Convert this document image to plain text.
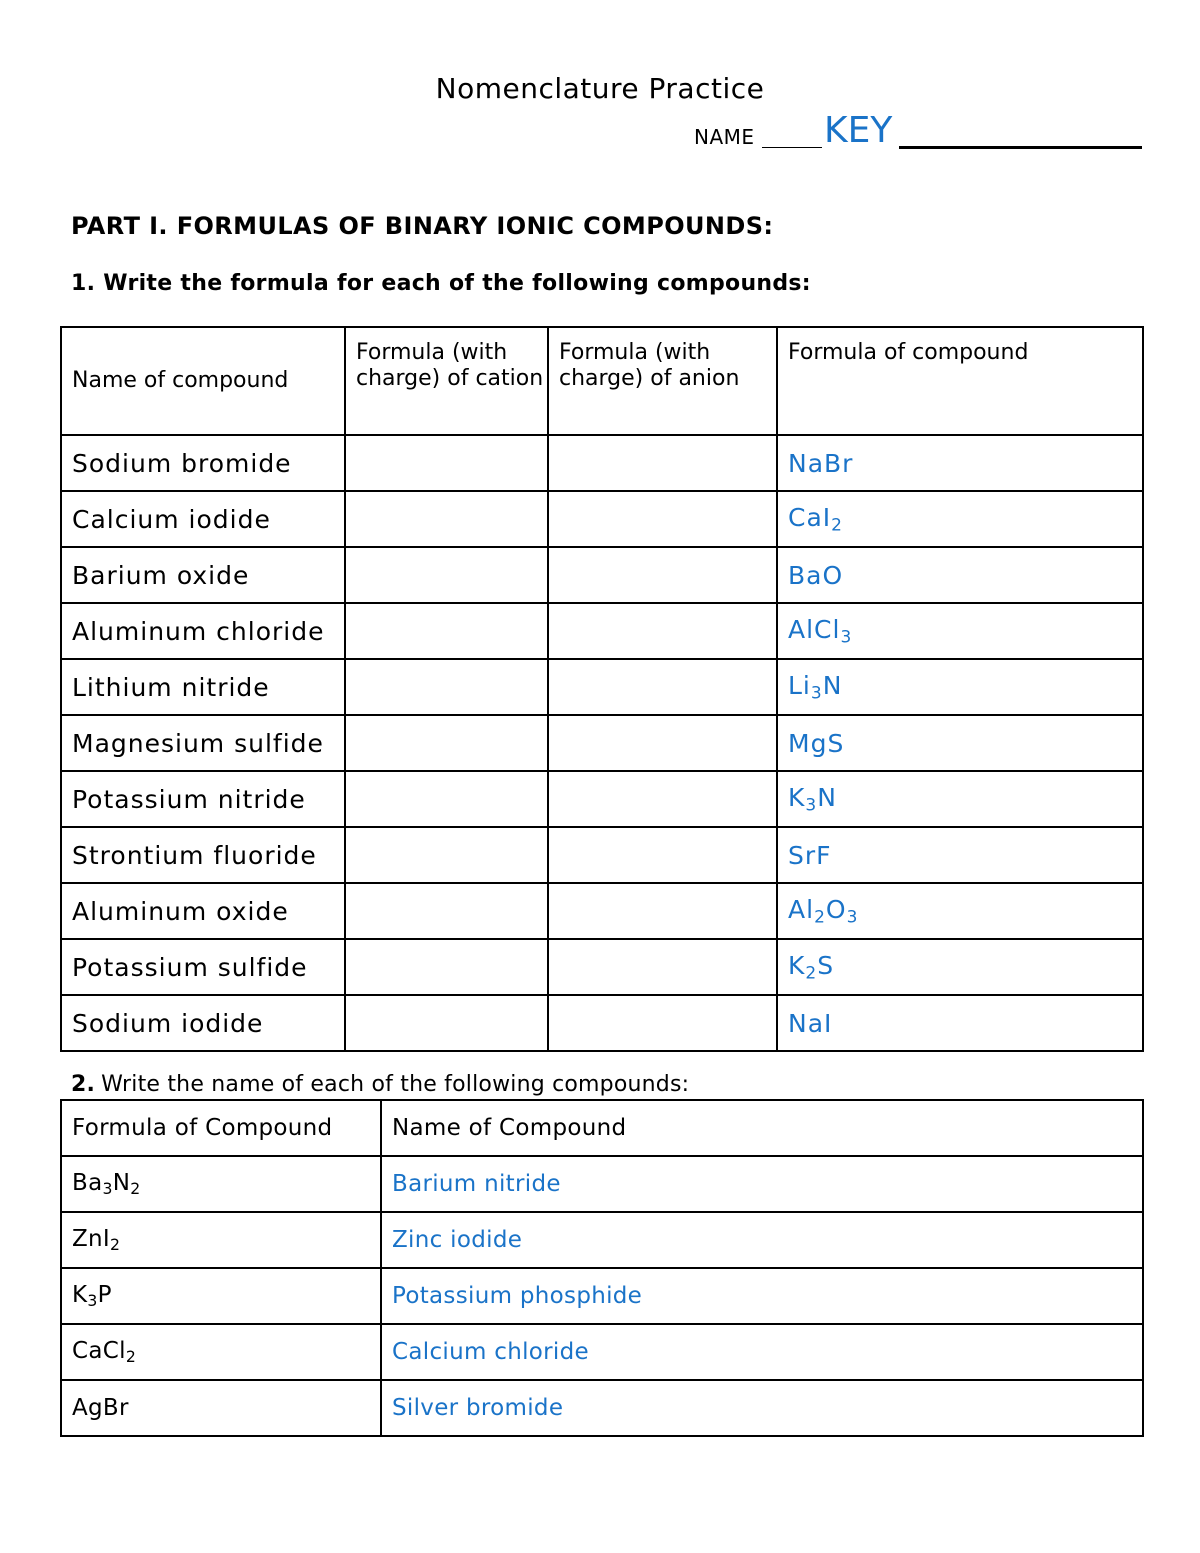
Nomenclature Practice
NAME KEY
PART I. FORMULAS OF BINARY IONIC COMPOUNDS:
1. Write the formula for each of the following compounds:
Name of compound	Formula (with charge) of cation	Formula (with charge) of anion	Formula of compound
Sodium bromide			NaBr
Calcium iodide			CaI$_2$
Barium oxide			BaO
Aluminum chloride			AlCl$_3$
Lithium nitride			$Li_3N$
Magnesium sulfide			MgS
Potassium nitride			$K_3N$
Strontium fluoride			SrF
Aluminum oxide			$Al_2O_3$
Potassium sulfide			$K_2S$
Sodium iodide			NaI
2. Write the name of each of the following compounds:
Formula of Compound	Name of Compound
$Ba_3N_2$	Barium nitride
ZnI$_2$	Zinc iodide
$K_3P$	Potassium phosphide
CaCl$_2$	Calcium chloride
AgBr	Silver bromide
